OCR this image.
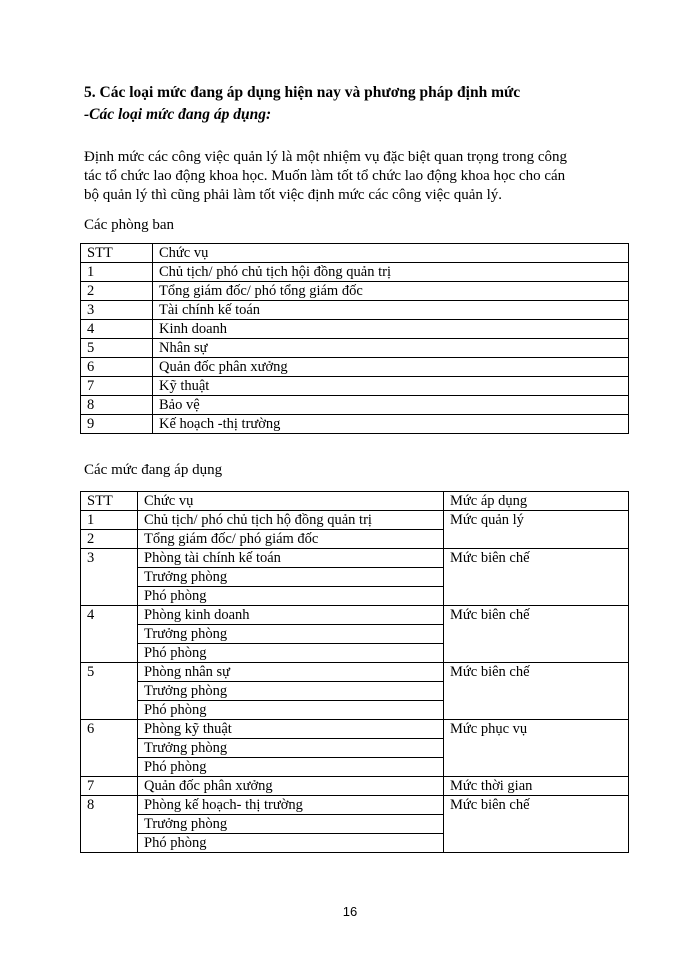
5. Các loại mức đang áp dụng hiện nay và phương pháp định mức
-Các loại mức đang áp dụng:
Định mức các công việc quản lý là một nhiệm vụ đặc biệt quan trọng trong công
tác tổ chức lao động khoa học. Muốn làm tốt tổ chức lao động khoa học cho cán
bộ quản lý thì cũng phải làm tốt việc định mức các công việc quản lý.
Các phòng ban
STT	Chức vụ
1	Chủ tịch/ phó chủ tịch hội đồng quản trị
2	Tổng giám đốc/ phó tổng giám đốc
3	Tài chính kế toán
4	Kinh doanh
5	Nhân sự
6	Quản đốc phân xưởng
7	Kỹ thuật
8	Bảo vệ
9	Kế hoạch -thị trường
Các mức đang áp dụng
STT	Chức vụ	Mức áp dụng
1	Chủ tịch/ phó chủ tịch hộ đồng quản trị	Mức quản lý
2	Tổng giám đốc/ phó giám đốc	
3	Phòng tài chính kế toán	Mức biên chế
	Trưởng phòng	
	Phó phòng	
4	Phòng kinh doanh	Mức biên chế
	Trưởng phòng	
	Phó phòng	
5	Phòng nhân sự	Mức biên chế
	Trưởng phòng	
	Phó phòng	
6	Phòng kỹ thuật	Mức phục vụ
	Trưởng phòng	
	Phó phòng	
7	Quản đốc phân xưởng	Mức thời gian
8	Phòng kế hoạch- thị trường	Mức biên chế
	Trưởng phòng	
	Phó phòng	
16
